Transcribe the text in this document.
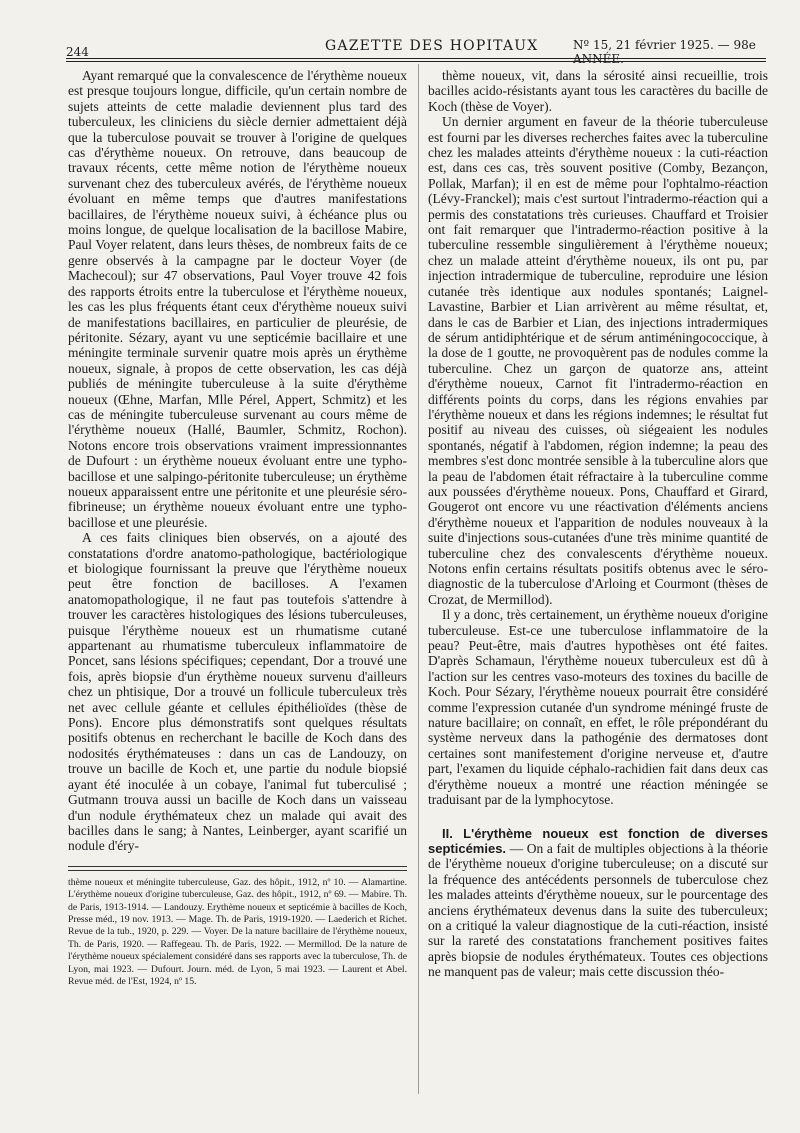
244	GAZETTE DES HOPITAUX	Nº 15, 21 février 1925. — 98e ANNÉE.

Ayant remarqué que la convalescence de l'érythème noueux est presque toujours longue, difficile, qu'un certain nombre de sujets atteints de cette maladie deviennent plus tard des tuberculeux, les cliniciens du siècle dernier admettaient déjà que la tuberculose pouvait se trouver à l'origine de quelques cas d'érythème noueux. On retrouve, dans beaucoup de travaux récents, cette même notion de l'érythème noueux survenant chez des tuberculeux avérés, de l'érythème noueux évoluant en même temps que d'autres manifestations bacillaires, de l'érythème noueux suivi, à échéance plus ou moins longue, de quelque localisation de la bacillose Mabire, Paul Voyer relatent, dans leurs thèses, de nombreux faits de ce genre observés à la campagne par le docteur Voyer (de Machecoul); sur 47 observations, Paul Voyer trouve 42 fois des rapports étroits entre la tuberculose et l'érythème noueux, les cas les plus fréquents étant ceux d'érythème noueux suivi de manifestations bacillaires, en particulier de pleurésie, de péritonite. Sézary, ayant vu une septicémie bacillaire et une méningite terminale survenir quatre mois après un érythème noueux, signale, à propos de cette observation, les cas déjà publiés de méningite tuberculeuse à la suite d'érythème noueux (Œhne, Marfan, Mlle Pérel, Appert, Schmitz) et les cas de méningite tuberculeuse survenant au cours même de l'érythème noueux (Hallé, Baumler, Schmitz, Rochon). Notons encore trois observations vraiment impressionnantes de Dufourt : un érythème noueux évoluant entre une typho-bacillose et une salpingo-péritonite tuberculeuse; un érythème noueux apparaissent entre une péritonite et une pleurésie séro-fibrineuse; un érythème noueux évoluant entre une typho-bacillose et une pleurésie.

A ces faits cliniques bien observés, on a ajouté des constatations d'ordre anatomo-pathologique, bactériologique et biologique fournissant la preuve que l'érythème noueux peut être fonction de bacilloses. A l'examen anatomopathologique, il ne faut pas toutefois s'attendre à trouver les caractères histologiques des lésions tuberculeuses, puisque l'érythème noueux est un rhumatisme cutané appartenant au rhumatisme tuberculeux inflammatoire de Poncet, sans lésions spécifiques; cependant, Dor a trouvé une fois, après biopsie d'un érythème noueux survenu d'ailleurs chez un phtisique, Dor a trouvé un follicule tuberculeux très net avec cellule géante et cellules épithélioïdes (thèse de Pons). Encore plus démonstratifs sont quelques résultats positifs obtenus en recherchant le bacille de Koch dans des nodosités érythémateuses : dans un cas de Landouzy, on trouve un bacille de Koch et, une partie du nodule biopsié ayant été inoculée à un cobaye, l'animal fut tuberculisé ; Gutmann trouva aussi un bacille de Koch dans un vaisseau d'un nodule érythémateux chez un malade qui avait des bacilles dans le sang; à Nantes, Leinberger, ayant scarifié un nodule d'éry-

thème noueux et méningite tuberculeuse, Gaz. des hôpit., 1912, nº 10. — Alamartine. L'érythème noueux d'origine tuberculeuse, Gaz. des hôpit., 1912, nº 69. — Mabire. Th. de Paris, 1913-1914. — Landouzy. Erythème noueux et septicémie à bacilles de Koch, Presse méd., 19 nov. 1913. — Mage. Th. de Paris, 1919-1920. — Laederich et Richet. Revue de la tub., 1920, p. 229. — Voyer. De la nature bacillaire de l'érythème noueux, Th. de Paris, 1920. — Raffegeau. Th. de Paris, 1922. — Mermillod. De la nature de l'érythème noueux spécialement considéré dans ses rapports avec la tuberculose, Th. de Lyon, mai 1923. — Dufourt. Journ. méd. de Lyon, 5 mai 1923. — Laurent et Abel. Revue méd. de l'Est, 1924, nº 15.

thème noueux, vit, dans la sérosité ainsi recueillie, trois bacilles acido-résistants ayant tous les caractères du bacille de Koch (thèse de Voyer).

Un dernier argument en faveur de la théorie tuberculeuse est fourni par les diverses recherches faites avec la tuberculine chez les malades atteints d'érythème noueux : la cuti-réaction est, dans ces cas, très souvent positive (Comby, Bezançon, Pollak, Marfan); il en est de même pour l'ophtalmo-réaction (Lévy-Franckel); mais c'est surtout l'intradermo-réaction qui a permis des constatations très curieuses. Chauffard et Troisier ont fait remarquer que l'intradermo-réaction positive à la tuberculine ressemble singulièrement à l'érythème noueux; chez un malade atteint d'érythème noueux, ils ont pu, par injection intradermique de tuberculine, reproduire une lésion cutanée très identique aux nodules spontanés; Laignel-Lavastine, Barbier et Lian arrivèrent au même résultat, et, dans le cas de Barbier et Lian, des injections intradermiques de sérum antidiphtérique et de sérum antiméningococcique, à la dose de 1 goutte, ne provoquèrent pas de nodules comme la tuberculine. Chez un garçon de quatorze ans, atteint d'érythème noueux, Carnot fit l'intradermo-réaction en différents points du corps, dans les régions envahies par l'érythème noueux et dans les régions indemnes; le résultat fut positif au niveau des cuisses, où siégeaient les nodules spontanés, négatif à l'abdomen, région indemne; la peau des membres s'est donc montrée sensible à la tuberculine alors que la peau de l'abdomen était réfractaire à la tuberculine comme aux poussées d'érythème noueux. Pons, Chauffard et Girard, Gougerot ont encore vu une réactivation d'éléments anciens d'érythème noueux et l'apparition de nodules nouveaux à la suite d'injections sous-cutanées d'une très minime quantité de tuberculine chez des convalescents d'érythème noueux. Notons enfin certains résultats positifs obtenus avec le séro-diagnostic de la tuberculose d'Arloing et Courmont (thèses de Crozat, de Mermillod).

Il y a donc, très certainement, un érythème noueux d'origine tuberculeuse. Est-ce une tuberculose inflammatoire de la peau? Peut-être, mais d'autres hypothèses ont été faites. D'après Schamaun, l'érythème noueux tuberculeux est dû à l'action sur les centres vaso-moteurs des toxines du bacille de Koch. Pour Sézary, l'érythème noueux pourrait être considéré comme l'expression cutanée d'un syndrome méningé fruste de nature bacillaire; on connaît, en effet, le rôle prépondérant du système nerveux dans la pathogénie des dermatoses dont certaines sont manifestement d'origine nerveuse et, d'autre part, l'examen du liquide céphalo-rachidien fait dans deux cas d'érythème noueux a montré une réaction méningée se traduisant par de la lymphocytose.

II. L'érythème noueux est fonction de diverses septicémies. — On a fait de multiples objections à la théorie de l'érythème noueux d'origine tuberculeuse; on a discuté sur la fréquence des antécédents personnels de tuberculose chez les malades atteints d'érythème noueux, sur le pourcentage des anciens érythémateux devenus dans la suite des tuberculeux; on a critiqué la valeur diagnostique de la cuti-réaction, insisté sur la rareté des constatations franchement positives faites après biopsie de nodules érythémateux. Toutes ces objections ne manquent pas de valeur; mais cette discussion théo-
